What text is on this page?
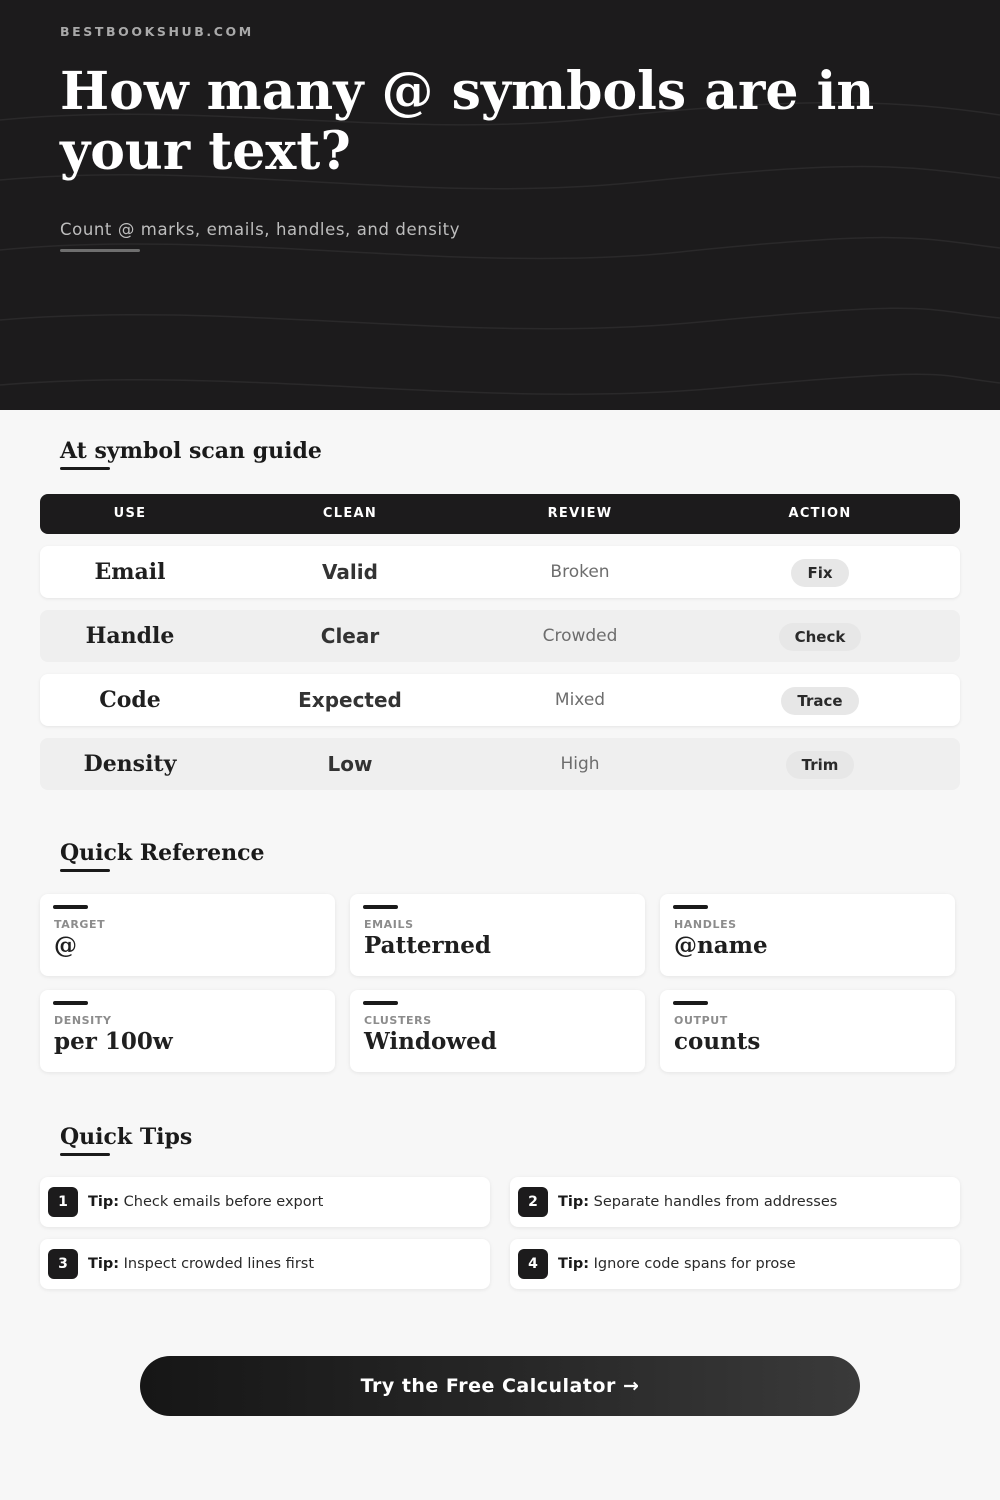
BESTBOOKSHUB.COM
How many @ symbols are in your text?
Count @ marks, emails, handles, and density
At symbol scan guide
USE	CLEAN	REVIEW	ACTION
Email	Valid	Broken	Fix
Handle	Clear	Crowded	Check
Code	Expected	Mixed	Trace
Density	Low	High	Trim
Quick Reference
TARGET
@
EMAILS
Patterned
HANDLES
@name
DENSITY
per 100w
CLUSTERS
Windowed
OUTPUT
counts
Quick Tips
1	Tip: Check emails before export	2	Tip: Separate handles from addresses
3	Tip: Inspect crowded lines first	4	Tip: Ignore code spans for prose
Try the Free Calculator →
